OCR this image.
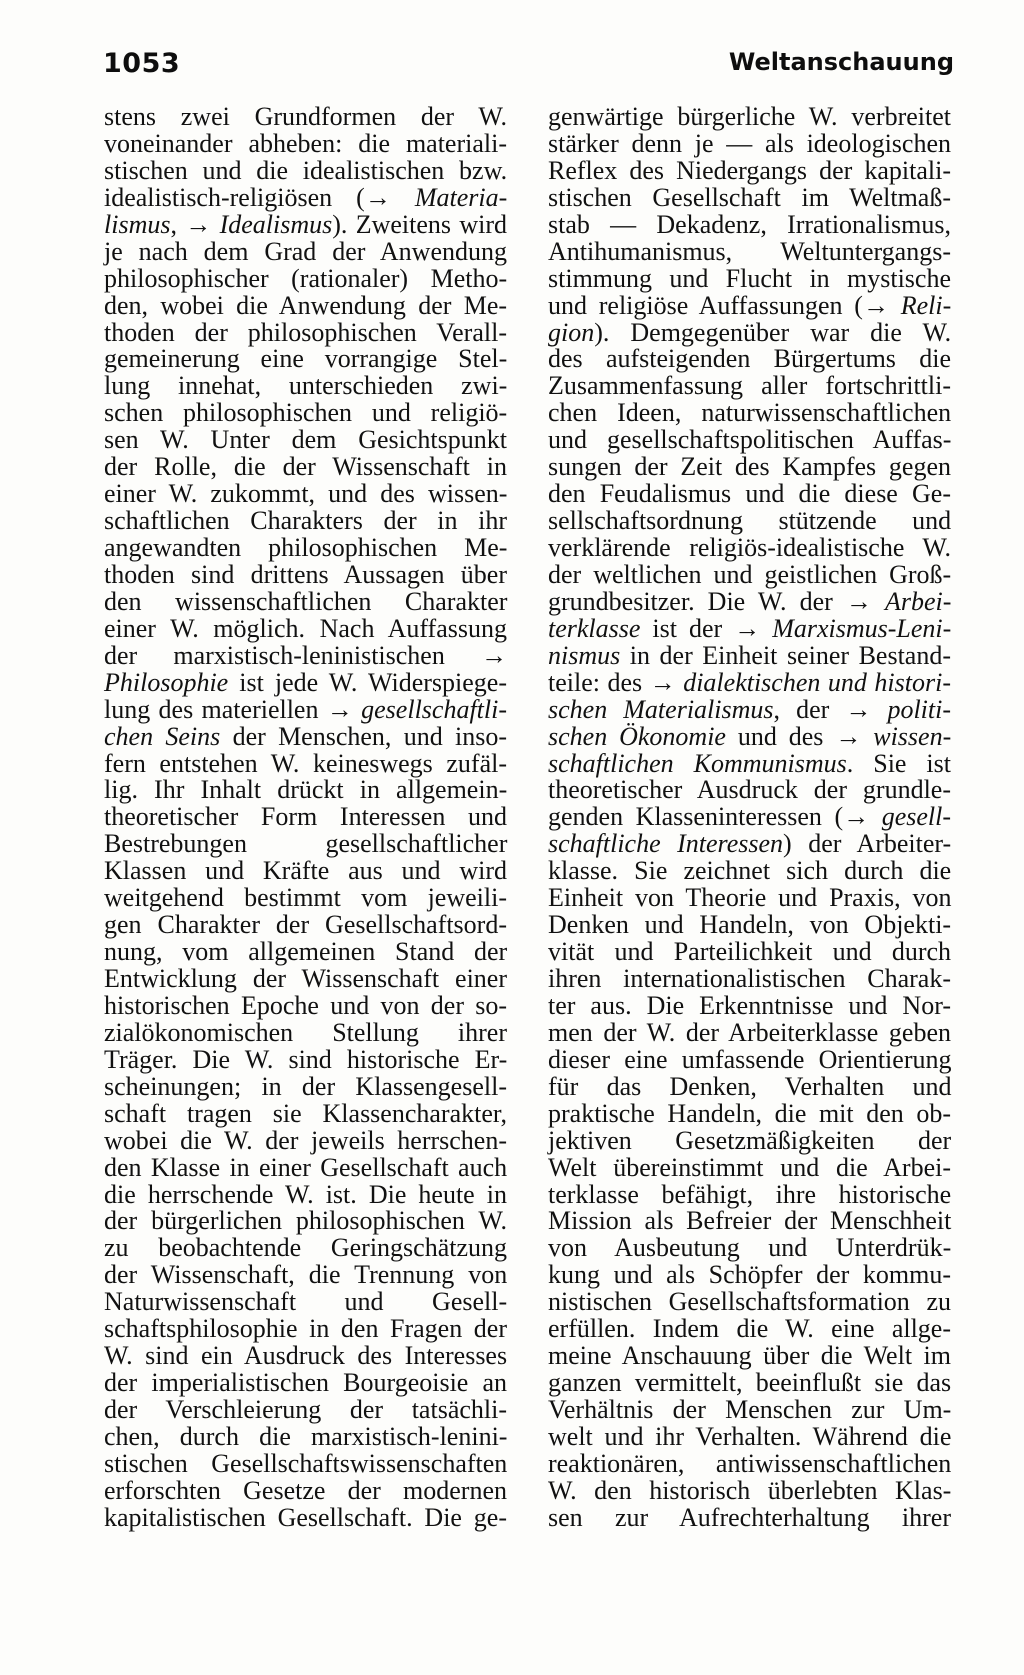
1053	Weltanschauung
stens zwei Grundformen der W.
voneinander abheben: die materiali-
stischen und die idealistischen bzw.
idealistisch-religiösen (→ Materia-
lismus, → Idealismus). Zweitens wird
je nach dem Grad der Anwendung
philosophischer (rationaler) Metho-
den, wobei die Anwendung der Me-
thoden der philosophischen Verall-
gemeinerung eine vorrangige Stel-
lung innehat, unterschieden zwi-
schen philosophischen und religiö-
sen W. Unter dem Gesichtspunkt
der Rolle, die der Wissenschaft in
einer W. zukommt, und des wissen-
schaftlichen Charakters der in ihr
angewandten philosophischen Me-
thoden sind drittens Aussagen über
den wissenschaftlichen Charakter
einer W. möglich. Nach Auffassung
der marxistisch-leninistischen →
Philosophie ist jede W. Widerspiege-
lung des materiellen → gesellschaftli-
chen Seins der Menschen, und inso-
fern entstehen W. keineswegs zufäl-
lig. Ihr Inhalt drückt in allgemein-
theoretischer Form Interessen und
Bestrebungen gesellschaftlicher
Klassen und Kräfte aus und wird
weitgehend bestimmt vom jeweili-
gen Charakter der Gesellschaftsord-
nung, vom allgemeinen Stand der
Entwicklung der Wissenschaft einer
historischen Epoche und von der so-
zialökonomischen Stellung ihrer
Träger. Die W. sind historische Er-
scheinungen; in der Klassengesell-
schaft tragen sie Klassencharakter,
wobei die W. der jeweils herrschen-
den Klasse in einer Gesellschaft auch
die herrschende W. ist. Die heute in
der bürgerlichen philosophischen W.
zu beobachtende Geringschätzung
der Wissenschaft, die Trennung von
Naturwissenschaft und Gesell-
schaftsphilosophie in den Fragen der
W. sind ein Ausdruck des Interesses
der imperialistischen Bourgeoisie an
der Verschleierung der tatsächli-
chen, durch die marxistisch-lenini-
stischen Gesellschaftswissenschaften
erforschten Gesetze der modernen
kapitalistischen Gesellschaft. Die ge-
genwärtige bürgerliche W. verbreitet
stärker denn je — als ideologischen
Reflex des Niedergangs der kapitali-
stischen Gesellschaft im Weltmaß-
stab — Dekadenz, Irrationalismus,
Antihumanismus, Weltuntergangs-
stimmung und Flucht in mystische
und religiöse Auffassungen (→ Reli-
gion). Demgegenüber war die W.
des aufsteigenden Bürgertums die
Zusammenfassung aller fortschrittli-
chen Ideen, naturwissenschaftlichen
und gesellschaftspolitischen Auffas-
sungen der Zeit des Kampfes gegen
den Feudalismus und die diese Ge-
sellschaftsordnung stützende und
verklärende religiös-idealistische W.
der weltlichen und geistlichen Groß-
grundbesitzer. Die W. der → Arbei-
terklasse ist der → Marxismus-Leni-
nismus in der Einheit seiner Bestand-
teile: des → dialektischen und histori-
schen Materialismus, der → politi-
schen Ökonomie und des → wissen-
schaftlichen Kommunismus. Sie ist
theoretischer Ausdruck der grundle-
genden Klasseninteressen (→ gesell-
schaftliche Interessen) der Arbeiter-
klasse. Sie zeichnet sich durch die
Einheit von Theorie und Praxis, von
Denken und Handeln, von Objekti-
vität und Parteilichkeit und durch
ihren internationalistischen Charak-
ter aus. Die Erkenntnisse und Nor-
men der W. der Arbeiterklasse geben
dieser eine umfassende Orientierung
für das Denken, Verhalten und
praktische Handeln, die mit den ob-
jektiven Gesetzmäßigkeiten der
Welt übereinstimmt und die Arbei-
terklasse befähigt, ihre historische
Mission als Befreier der Menschheit
von Ausbeutung und Unterdrük-
kung und als Schöpfer der kommu-
nistischen Gesellschaftsformation zu
erfüllen. Indem die W. eine allge-
meine Anschauung über die Welt im
ganzen vermittelt, beeinflußt sie das
Verhältnis der Menschen zur Um-
welt und ihr Verhalten. Während die
reaktionären, antiwissenschaftlichen
W. den historisch überlebten Klas-
sen zur Aufrechterhaltung ihrer
